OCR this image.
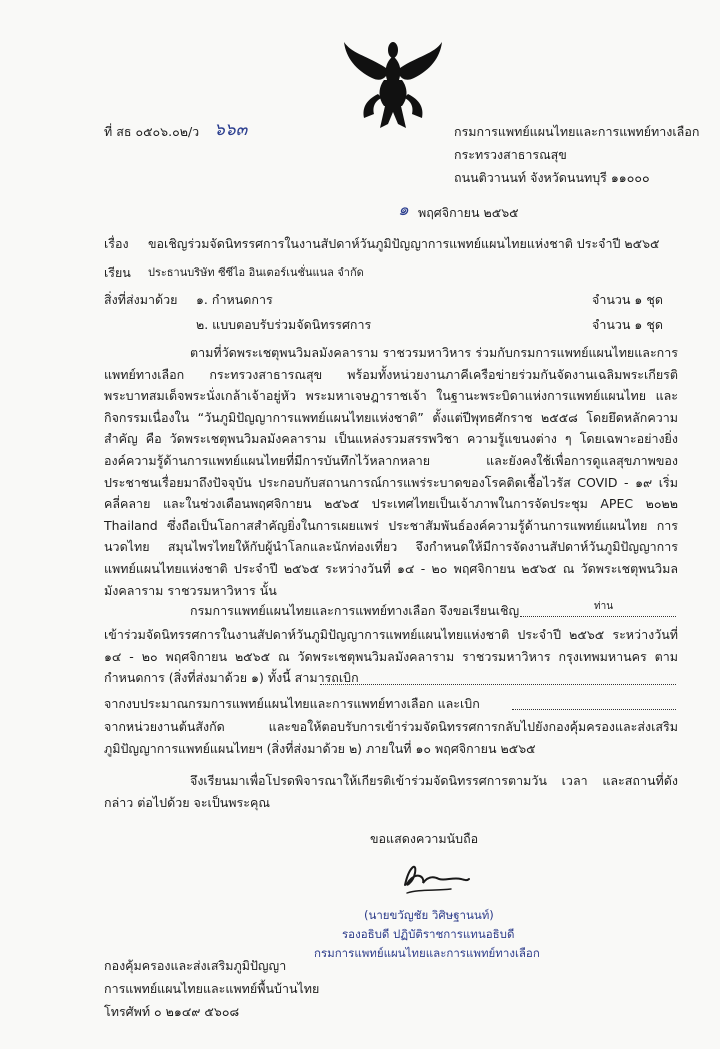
ที่ สธ ๐๕๐๖.๐๒/ว ๖๖๓	กรมการแพทย์แผนไทยและการแพทย์ทางเลือก
กระทรวงสาธารณสุข
ถนนติวานนท์ จังหวัดนนทบุรี ๑๑๐๐๐
๑ พฤศจิกายน ๒๕๖๕
เรื่อง ขอเชิญร่วมจัดนิทรรศการในงานสัปดาห์วันภูมิปัญญาการแพทย์แผนไทยแห่งชาติ ประจำปี ๒๕๖๕
เรียน ประธานบริษัท ซีซีไอ อินเตอร์เนชั่นแนล จำกัด
สิ่งที่ส่งมาด้วย ๑. กำหนดการ	จำนวน ๑ ชุด
๒. แบบตอบรับร่วมจัดนิทรรศการ	จำนวน ๑ ชุด
ตามที่วัดพระเชตุพนวิมลมังคลาราม ราชวรมหาวิหาร ร่วมกับกรมการแพทย์แผนไทยและการแพทย์ทางเลือก กระทรวงสาธารณสุข พร้อมทั้งหน่วยงานภาคีเครือข่ายร่วมกันจัดงานเฉลิมพระเกียรติพระบาทสมเด็จพระนั่งเกล้าเจ้าอยู่หัว พระมหาเจษฎาราชเจ้า ในฐานะพระบิดาแห่งการแพทย์แผนไทย และกิจกรรมเนื่องใน “วันภูมิปัญญาการแพทย์แผนไทยแห่งชาติ” ตั้งแต่ปีพุทธศักราช ๒๕๕๘ โดยยึดหลักความสำคัญ คือ วัดพระเชตุพนวิมลมังคลาราม เป็นแหล่งรวมสรรพวิชา ความรู้แขนงต่าง ๆ โดยเฉพาะอย่างยิ่ง องค์ความรู้ด้านการแพทย์แผนไทยที่มีการบันทึกไว้หลากหลาย และยังคงใช้เพื่อการดูแลสุขภาพของประชาชนเรื่อยมาถึงปัจจุบัน ประกอบกับสถานการณ์การแพร่ระบาดของโรคติดเชื้อไวรัส COVID - ๑๙ เริ่มคลี่คลาย และในช่วงเดือนพฤศจิกายน ๒๕๖๕ ประเทศไทยเป็นเจ้าภาพในการจัดประชุม APEC ๒๐๒๒ Thailand ซึ่งถือเป็นโอกาสสำคัญยิ่งในการเผยแพร่ ประชาสัมพันธ์องค์ความรู้ด้านการแพทย์แผนไทย การนวดไทย สมุนไพรไทยให้กับผู้นำโลกและนักท่องเที่ยว จึงกำหนดให้มีการจัดงานสัปดาห์วันภูมิปัญญาการแพทย์แผนไทยแห่งชาติ ประจำปี ๒๕๖๕ ระหว่างวันที่ ๑๔ - ๒๐ พฤศจิกายน ๒๕๖๕ ณ วัดพระเชตุพนวิมลมังคลาราม ราชวรมหาวิหาร นั้น
กรมการแพทย์แผนไทยและการแพทย์ทางเลือก จึงขอเรียนเชิญ	ท่าน
เข้าร่วมจัดนิทรรศการในงานสัปดาห์วันภูมิปัญญาการแพทย์แผนไทยแห่งชาติ ประจำปี ๒๕๖๕ ระหว่างวันที่ ๑๔ - ๒๐ พฤศจิกายน ๒๕๖๕ ณ วัดพระเชตุพนวิมลมังคลาราม ราชวรมหาวิหาร กรุงเทพมหานคร ตามกำหนดการ (สิ่งที่ส่งมาด้วย ๑) ทั้งนี้ สามารถเบิก
จากงบประมาณกรมการแพทย์แผนไทยและการแพทย์ทางเลือก และเบิก
จากหน่วยงานต้นสังกัด และขอให้ตอบรับการเข้าร่วมจัดนิทรรศการกลับไปยังกองคุ้มครองและส่งเสริมภูมิปัญญาการแพทย์แผนไทยฯ (สิ่งที่ส่งมาด้วย ๒) ภายในที่ ๑๐ พฤศจิกายน ๒๕๖๕
จึงเรียนมาเพื่อโปรดพิจารณาให้เกียรติเข้าร่วมจัดนิทรรศการตามวัน เวลา และสถานที่ดังกล่าว ต่อไปด้วย จะเป็นพระคุณ
ขอแสดงความนับถือ
(นายขวัญชัย วิศิษฐานนท์)
รองอธิบดี ปฏิบัติราชการแทนอธิบดี
กรมการแพทย์แผนไทยและการแพทย์ทางเลือก
กองคุ้มครองและส่งเสริมภูมิปัญญา
การแพทย์แผนไทยและแพทย์พื้นบ้านไทย
โทรศัพท์ ๐ ๒๑๔๙ ๕๖๐๘
